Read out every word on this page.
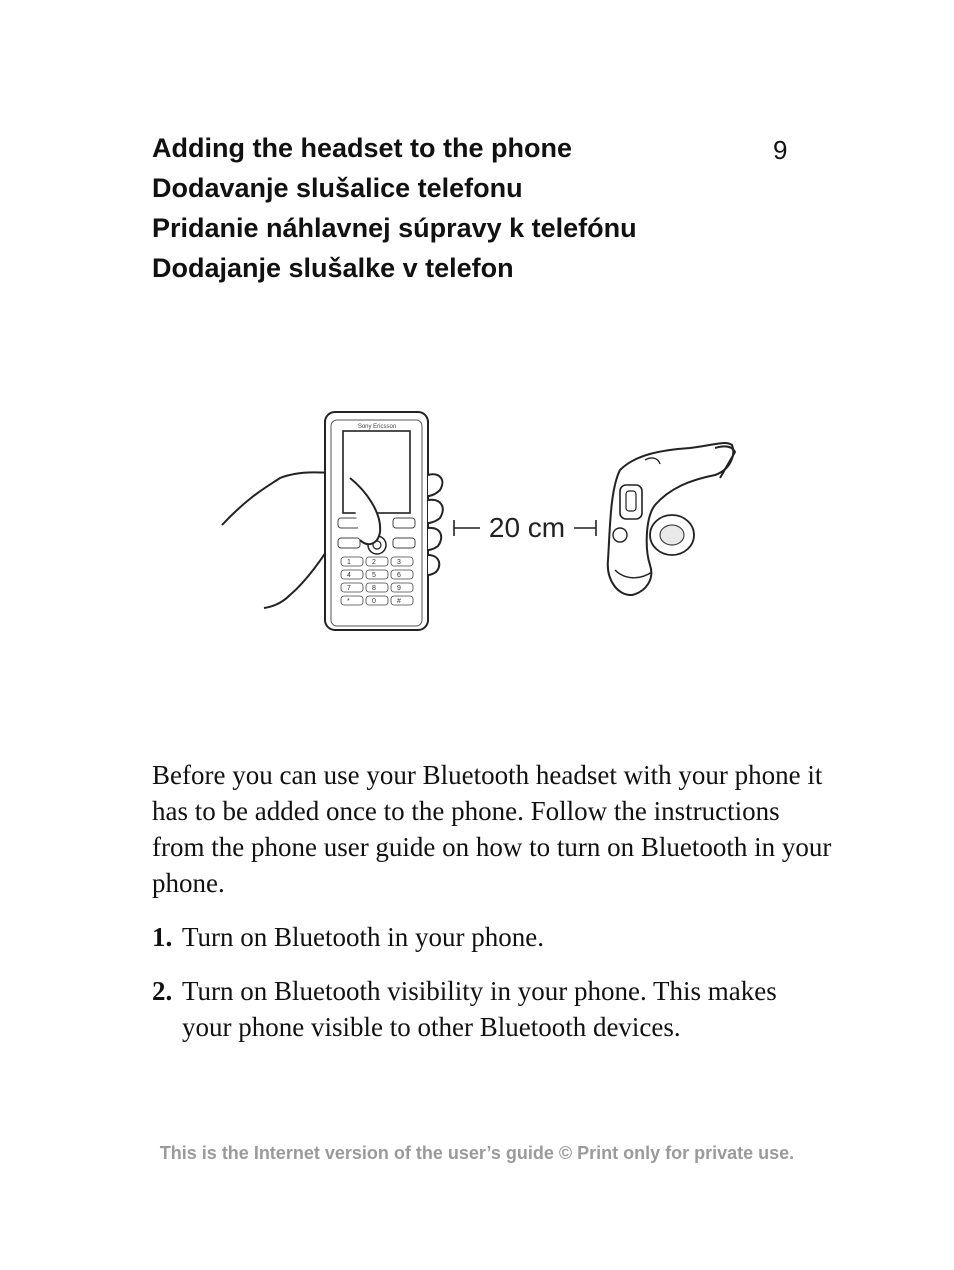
Adding the headset to the phone

Dodavanje slušalice telefonu

Pridanie náhlavnej súpravy k telefónu

Dodajanje slušalke v telefon

9
Sony Ericsson
1	2	3
4	5	6
7	8	9
*	0	#
20 cm

Before you can use your Bluetooth headset with your phone it has to be added once to the phone. Follow the instructions from the phone user guide on how to turn on Bluetooth in your phone.

1. Turn on Bluetooth in your phone.
2. Turn on Bluetooth visibility in your phone. This makes your phone visible to other Bluetooth devices.
This is the Internet version of the user’s guide © Print only for private use.
